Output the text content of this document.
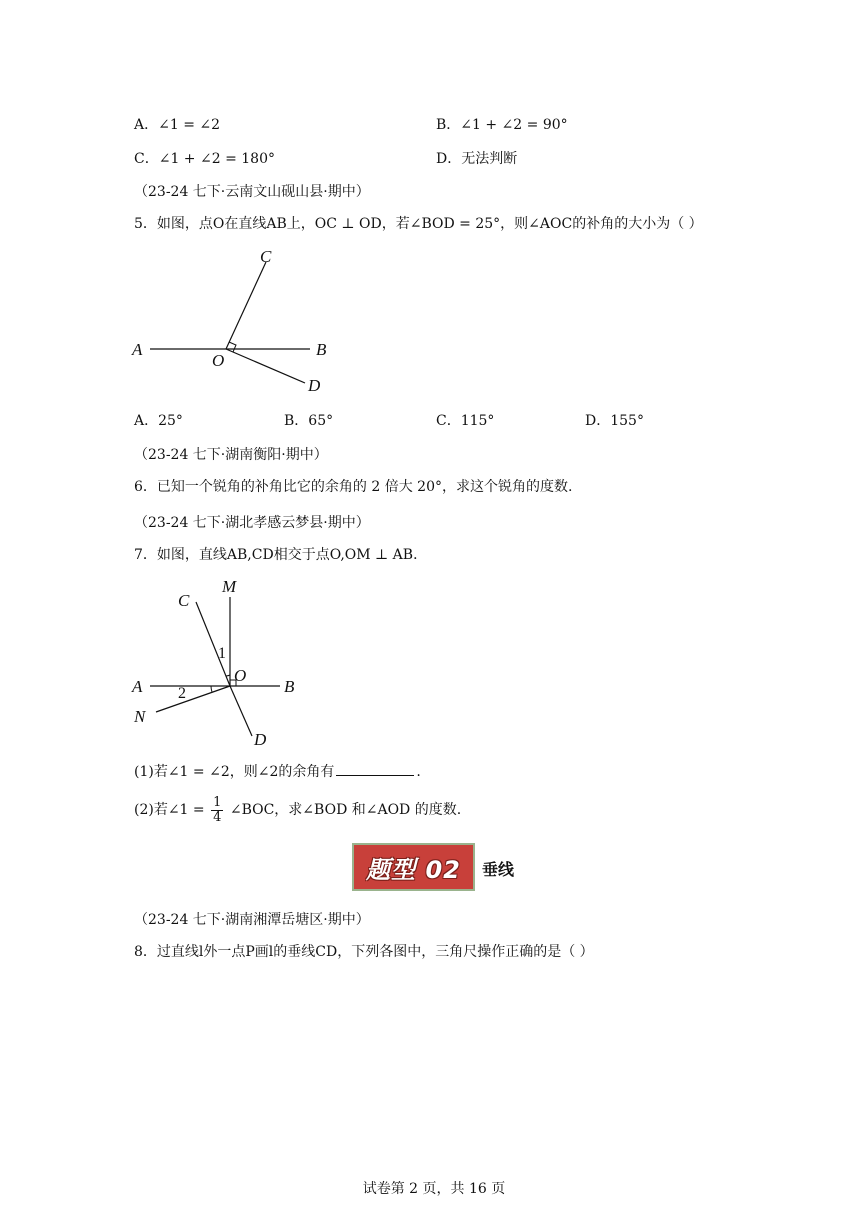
A．∠1 = ∠2	B．∠1 + ∠2 = 90°
C．∠1 + ∠2 = 180°	D．无法判断
（23-24 七下·云南文山砚山县·期中）
5．如图，点O在直线AB上，OC ⊥ OD，若∠BOD = 25°，则∠AOC的补角的大小为（ ）
C
A
O
B
D
A．25°	B．65°	C．115°	D．155°
（23-24 七下·湖南衡阳·期中）
6．已知一个锐角的补角比它的余角的 2 倍大 20°，求这个锐角的度数.
（23-24 七下·湖北孝感云梦县·期中）
7．如图，直线AB,CD相交于点O,OM ⊥ AB．
M
C
1
O
A 2	B
N
D
(1)若∠1 = ∠2，则∠2的余角有	.
(2)若∠1 = $\frac{1}{4}$ ∠BOC，求∠BOD 和∠AOD 的度数.
题型 02 垂线
（23-24 七下·湖南湘潭岳塘区·期中）
8．过直线l外一点P画l的垂线CD，下列各图中，三角尺操作正确的是（ ）
试卷第 2 页，共 16 页
